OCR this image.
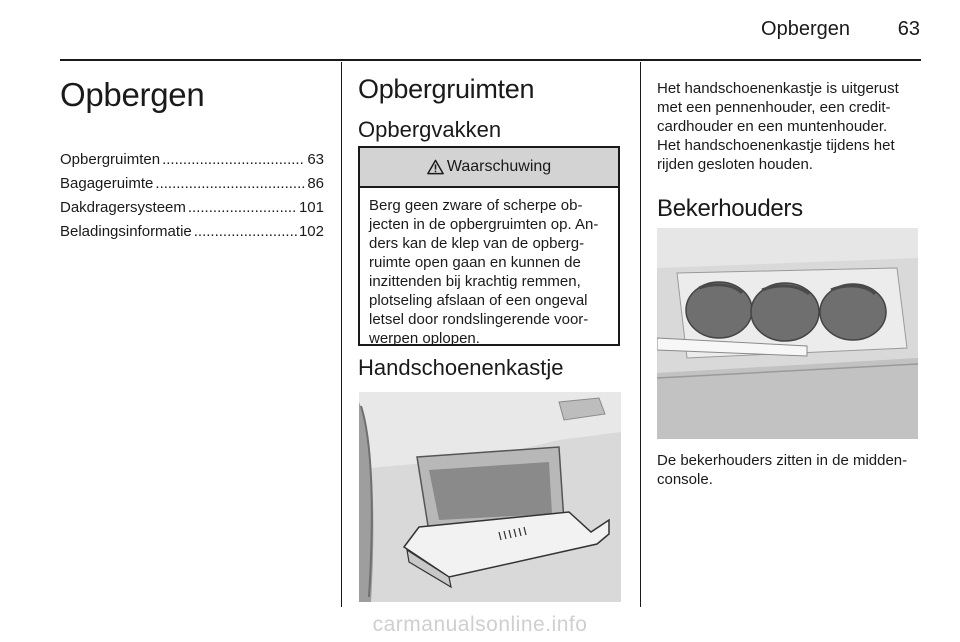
Opbergen	63
Opbergen
Opbergruimten .....	63
Bagageruimte .....	86
Dakdragersysteem .....	101
Beladingsinformatie .....	102
Opbergruimten
Opbergvakken
Waarschuwing
Berg geen zware of scherpe ob-
jecten in de opbergruimten op. An-
ders kan de klep van de opberg-
ruimte open gaan en kunnen de
inzittenden bij krachtig remmen,
plotseling afslaan of een ongeval
letsel door rondslingerende voor-
werpen oplopen.
Handschoenenkastje
Het handschoenenkastje is uitgerust
met een pennenhouder, een credit-
cardhouder en een muntenhouder.
Het handschoenenkastje tijdens het
rijden gesloten houden.
Bekerhouders
De bekerhouders zitten in de midden-
console.
carmanualsonline.info
